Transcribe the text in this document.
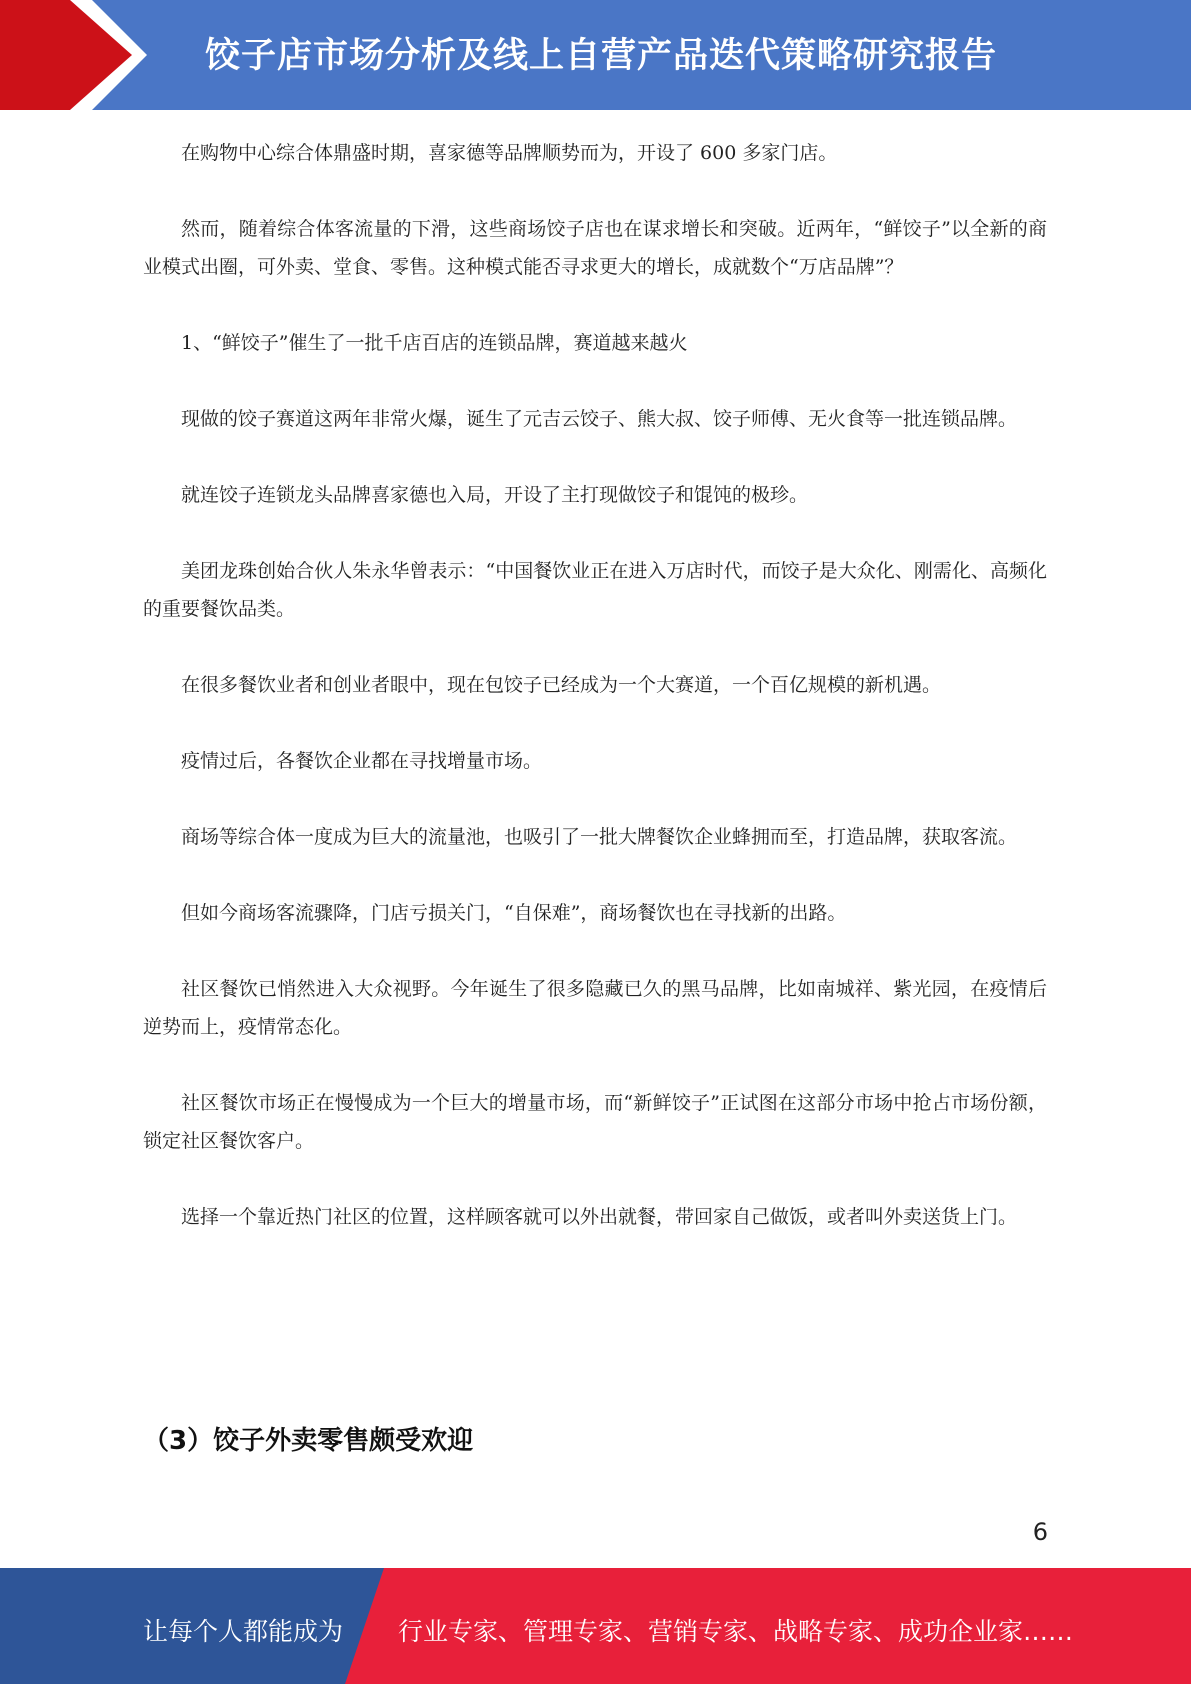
饺子店市场分析及线上自营产品迭代策略研究报告

在购物中心综合体鼎盛时期，喜家德等品牌顺势而为，开设了 600 多家门店。

然而，随着综合体客流量的下滑，这些商场饺子店也在谋求增长和突破。近两年，“鲜饺子”以全新的商业模式出圈，可外卖、堂食、零售。这种模式能否寻求更大的增长，成就数个“万店品牌”？

1、“鲜饺子”催生了一批千店百店的连锁品牌，赛道越来越火

现做的饺子赛道这两年非常火爆，诞生了元吉云饺子、熊大叔、饺子师傅、无火食等一批连锁品牌。

就连饺子连锁龙头品牌喜家德也入局，开设了主打现做饺子和馄饨的极珍。

美团龙珠创始合伙人朱永华曾表示：“中国餐饮业正在进入万店时代，而饺子是大众化、刚需化、高频化的重要餐饮品类。

在很多餐饮业者和创业者眼中，现在包饺子已经成为一个大赛道，一个百亿规模的新机遇。

疫情过后，各餐饮企业都在寻找增量市场。

商场等综合体一度成为巨大的流量池，也吸引了一批大牌餐饮企业蜂拥而至，打造品牌，获取客流。

但如今商场客流骤降，门店亏损关门，“自保难”，商场餐饮也在寻找新的出路。

社区餐饮已悄然进入大众视野。今年诞生了很多隐藏已久的黑马品牌，比如南城祥、紫光园，在疫情后逆势而上，疫情常态化。

社区餐饮市场正在慢慢成为一个巨大的增量市场，而“新鲜饺子”正试图在这部分市场中抢占市场份额，锁定社区餐饮客户。

选择一个靠近热门社区的位置，这样顾客就可以外出就餐，带回家自己做饭，或者叫外卖送货上门。

（3）饺子外卖零售颇受欢迎
6
让每个人都能成为 行业专家、管理专家、营销专家、战略专家、成功企业家……
